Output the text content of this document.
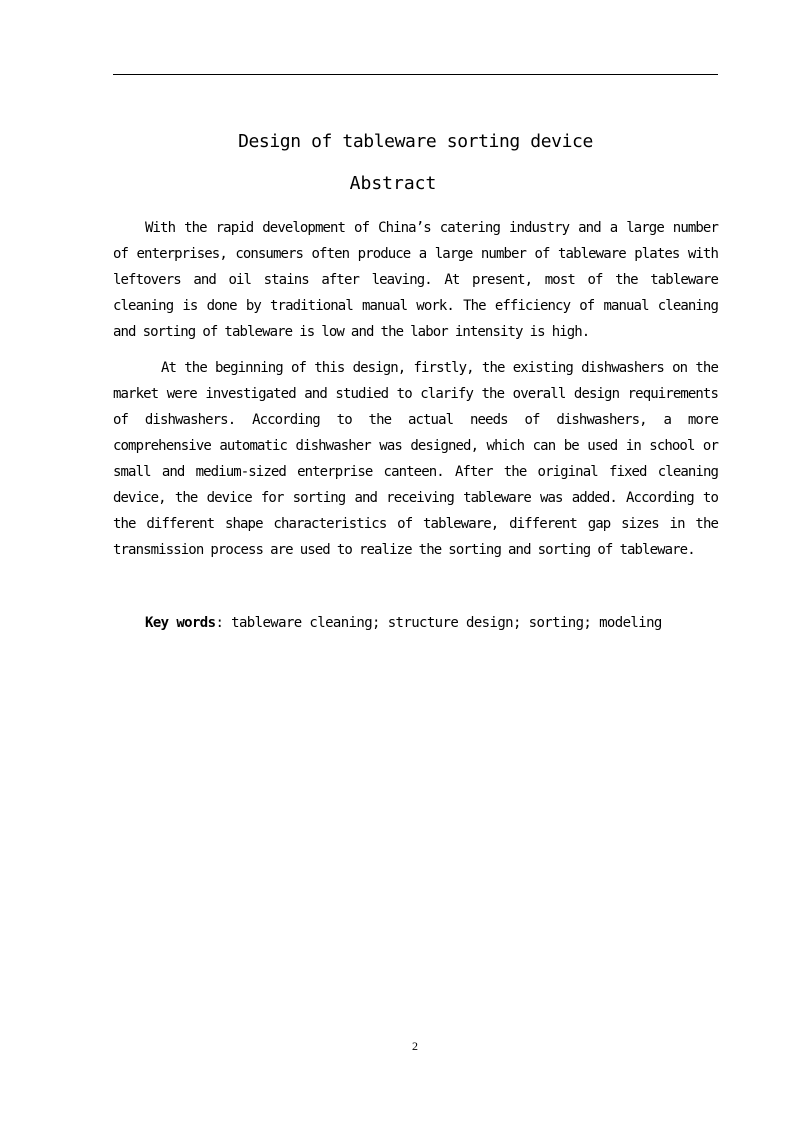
Design of tableware sorting device
Abstract

With the rapid development of China’s catering industry and a large number of enterprises, consumers often produce a large number of tableware plates with leftovers and oil stains after leaving. At present, most of the tableware cleaning is done by traditional manual work. The efficiency of manual cleaning and sorting of tableware is low and the labor intensity is high.

At the beginning of this design, firstly, the existing dishwashers on the market were investigated and studied to clarify the overall design requirements of dishwashers. According to the actual needs of dishwashers, a more comprehensive automatic dishwasher was designed, which can be used in school or small and medium-sized enterprise canteen. After the original fixed cleaning device, the device for sorting and receiving tableware was added. According to the different shape characteristics of tableware, different gap sizes in the transmission process are used to realize the sorting and sorting of tableware.

Key words: tableware cleaning; structure design; sorting; modeling

2
